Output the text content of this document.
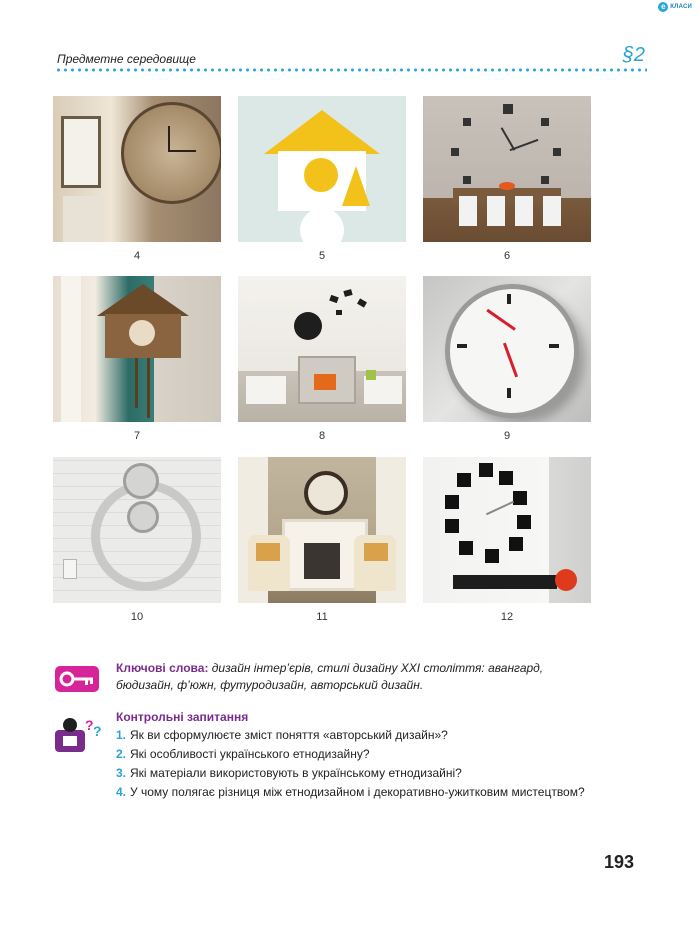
e КЛАСИ
Предметне середовище	§2
4	5	6
7	8	9
10	11	12
Ключові слова: дизайн інтер’єрів, стилі дизайну ХХІ століття: авангард, бюдизайн, ф’южн, футуродизайн, авторський дизайн.
? ?
Контрольні запитання
1. Як ви сформулюєте зміст поняття «авторський дизайн»?
2. Які особливості українського етнодизайну?
3. Які матеріали використовують в українському етнодизайні?
4. У чому полягає різниця між етнодизайном і декоративно-ужитковим мистецтвом?
193
